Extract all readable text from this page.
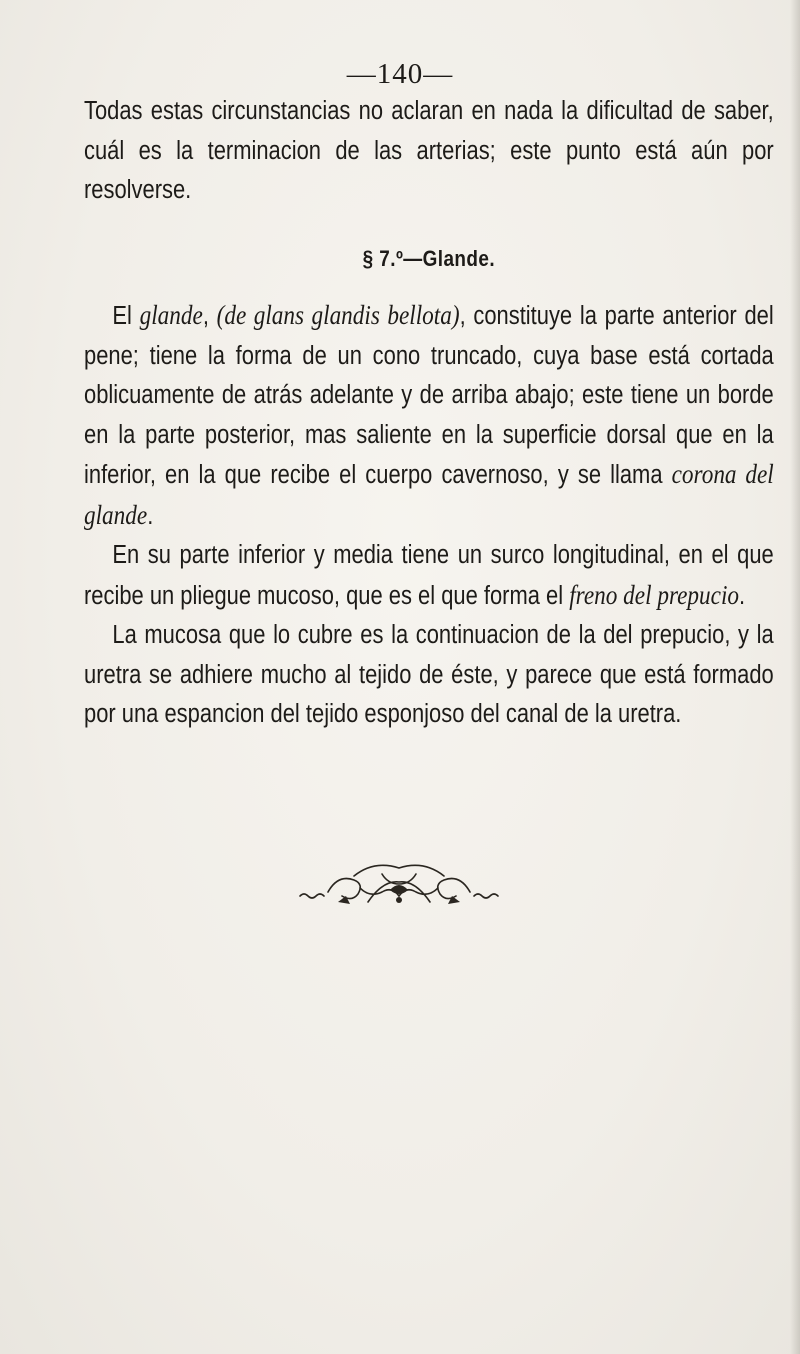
—140—

Todas estas circunstancias no aclaran en nada la dificultad de saber, cuál es la terminacion de las arterias; este punto está aún por resolverse.

§ 7.º—Glande.

El glande, (de glans glandis bellota), constituye la parte anterior del pene; tiene la forma de un cono truncado, cuya base está cortada oblicuamente de atrás adelante y de arriba abajo; este tiene un borde en la parte posterior, mas saliente en la superficie dorsal que en la inferior, en la que recibe el cuerpo cavernoso, y se llama corona del glande.

En su parte inferior y media tiene un surco longitudinal, en el que recibe un pliegue mucoso, que es el que forma el freno del prepucio.

La mucosa que lo cubre es la continuacion de la del prepucio, y la uretra se adhiere mucho al tejido de éste, y parece que está formado por una espancion del tejido esponjoso del canal de la uretra.
